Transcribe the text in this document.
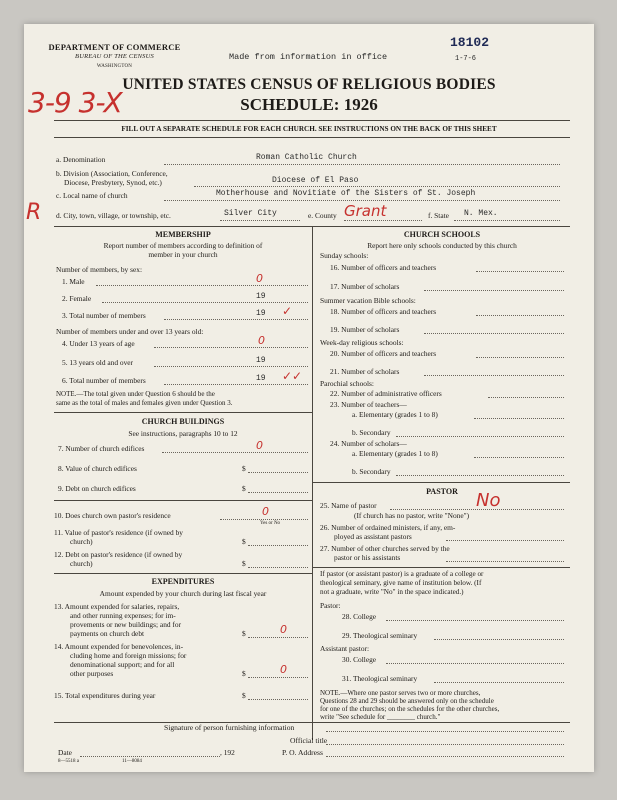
DEPARTMENT OF COMMERCE
BUREAU OF THE CENSUS
WASHINGTON
Made from information in office
18102
1-7-6
3-9 3-X
UNITED STATES CENSUS OF RELIGIOUS BODIES
SCHEDULE: 1926
FILL OUT A SEPARATE SCHEDULE FOR EACH CHURCH. SEE INSTRUCTIONS ON THE BACK OF THIS SHEET
a. Denomination	Roman Catholic Church
b. Division (Association, Conference,
Diocese, Presbytery, Synod, etc.)	Diocese of El Paso
c. Local name of church	Motherhouse and Novitiate of the Sisters of St. Joseph
R d. City, town, village, or township, etc.	Silver City	e. County Grant	f. State N. Mex.
MEMBERSHIP
Report number of members according to definition of
member in your church
Number of members, by sex:
1. Male	0
2. Female	19
3. Total number of members	19 ✓
Number of members under and over 13 years old:
4. Under 13 years of age	0
5. 13 years old and over	19
6. Total number of members	19 ✓✓
NOTE.—The total given under Question 6 should be the
same as the total of males and females given under Question 3.
CHURCH BUILDINGS
See instructions, paragraphs 10 to 12
7. Number of church edifices	0
8. Value of church edifices	$
9. Debt on church edifices	$
10. Does church own pastor's residence	0
Yes or No
11. Value of pastor's residence (if owned by
church)	$
12. Debt on pastor's residence (if owned by
church)	$
EXPENDITURES
Amount expended by your church during last fiscal year
13. Amount expended for salaries, repairs,
and other running expenses; for im-
provements or new buildings; and for
payments on church debt	$	0
14. Amount expended for benevolences, in-
cluding home and foreign missions; for
denominational support; and for all
other purposes	$	0
15. Total expenditures during year	$
CHURCH SCHOOLS
Report here only schools conducted by this church
Sunday schools:
16. Number of officers and teachers
17. Number of scholars
Summer vacation Bible schools:
18. Number of officers and teachers
19. Number of scholars
Week-day religious schools:
20. Number of officers and teachers
21. Number of scholars
Parochial schools:
22. Number of administrative officers
23. Number of teachers—
a. Elementary (grades 1 to 8)
b. Secondary
24. Number of scholars—
a. Elementary (grades 1 to 8)
b. Secondary
PASTOR
25. Name of pastor	No
(If church has no pastor, write "None")
26. Number of ordained ministers, if any, em-
ployed as assistant pastors
27. Number of other churches served by the
pastor or his assistants
If pastor (or assistant pastor) is a graduate of a college or
theological seminary, give name of institution below. (If
not a graduate, write "No" in the space indicated.)
Pastor:
28. College
29. Theological seminary
Assistant pastor:
30. College
31. Theological seminary
NOTE.—Where one pastor serves two or more churches,
Questions 28 and 29 should be answered only on the schedule
for one of the churches; on the schedules for the other churches,
write "See schedule for ________ church."
Signature of person furnishing information
Official title
Date	, 192	P. O. Address
8—5518 a	11—8084
